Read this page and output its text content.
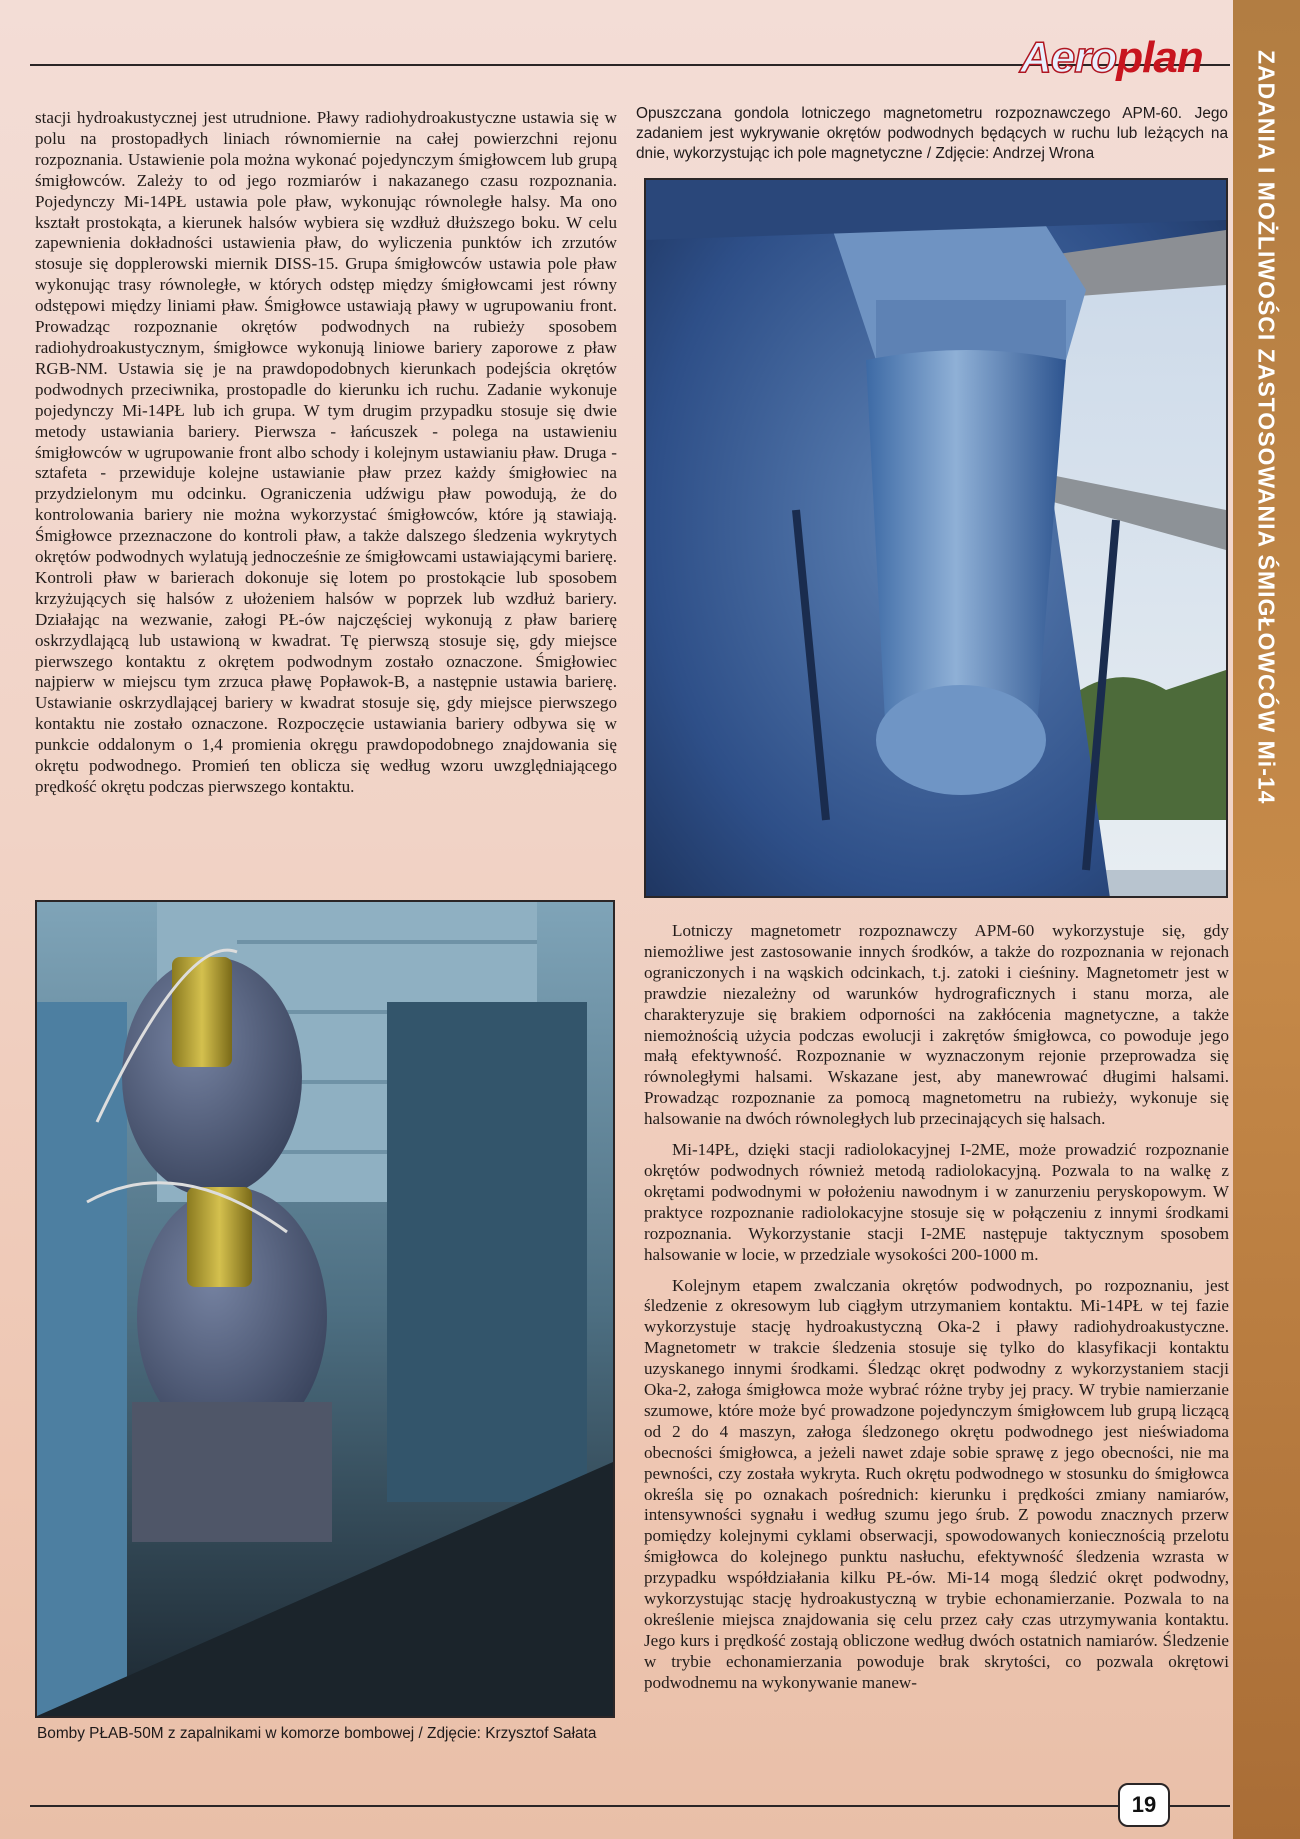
Aeroplan ZADANIA I MOŻLIWOŚCI ZASTOSOWANIA ŚMIGŁOWCÓW Mi-14

stacji hydroakustycznej jest utrudnione. Pławy radiohydroakustyczne ustawia się w polu na prostopadłych liniach równomiernie na całej powierzchni rejonu rozpoznania. Ustawienie pola można wykonać pojedynczym śmigłowcem lub grupą śmigłowców. Zależy to od jego rozmiarów i nakazanego czasu rozpoznania. Pojedynczy Mi-14PŁ ustawia pole pław, wykonując równoległe halsy. Ma ono kształt prostokąta, a kierunek halsów wybiera się wzdłuż dłuższego boku. W celu zapewnienia dokładności ustawienia pław, do wyliczenia punktów ich zrzutów stosuje się dopplerowski miernik DISS-15. Grupa śmigłowców ustawia pole pław wykonując trasy równoległe, w których odstęp między śmigłowcami jest równy odstępowi między liniami pław. Śmigłowce ustawiają pławy w ugrupowaniu front. Prowadząc rozpoznanie okrętów podwodnych na rubieży sposobem radiohydroakustycznym, śmigłowce wykonują liniowe bariery zaporowe z pław RGB-NM. Ustawia się je na prawdopodobnych kierunkach podejścia okrętów podwodnych przeciwnika, prostopadle do kierunku ich ruchu. Zadanie wykonuje pojedynczy Mi-14PŁ lub ich grupa. W tym drugim przypadku stosuje się dwie metody ustawiania bariery. Pierwsza - łańcuszek - polega na ustawieniu śmigłowców w ugrupowanie front albo schody i kolejnym ustawianiu pław. Druga - sztafeta - przewiduje kolejne ustawianie pław przez każdy śmigłowiec na przydzielonym mu odcinku. Ograniczenia udźwigu pław powodują, że do kontrolowania bariery nie można wykorzystać śmigłowców, które ją stawiają. Śmigłowce przeznaczone do kontroli pław, a także dalszego śledzenia wykrytych okrętów podwodnych wylatują jednocześnie ze śmigłowcami ustawiającymi barierę. Kontroli pław w barierach dokonuje się lotem po prostokącie lub sposobem krzyżujących się halsów z ułożeniem halsów w poprzek lub wzdłuż bariery. Działając na wezwanie, załogi PŁ-ów najczęściej wykonują z pław barierę oskrzydlającą lub ustawioną w kwadrat. Tę pierwszą stosuje się, gdy miejsce pierwszego kontaktu z okrętem podwodnym zostało oznaczone. Śmigłowiec najpierw w miejscu tym zrzuca pławę Popławok-B, a następnie ustawia barierę. Ustawianie oskrzydlającej bariery w kwadrat stosuje się, gdy miejsce pierwszego kontaktu nie zostało oznaczone. Rozpoczęcie ustawiania bariery odbywa się w punkcie oddalonym o 1,4 promienia okręgu prawdopodobnego znajdowania się okrętu podwodnego. Promień ten oblicza się według wzoru uwzględniającego prędkość okrętu podczas pierwszego kontaktu.

Opuszczana gondola lotniczego magnetometru rozpoznawczego APM-60. Jego zadaniem jest wykrywanie okrętów podwodnych będących w ruchu lub leżących na dnie, wykorzystując ich pole magnetyczne / Zdjęcie: Andrzej Wrona

Lotniczy magnetometr rozpoznawczy APM-60 wykorzystuje się, gdy niemożliwe jest zastosowanie innych środków, a także do rozpoznania w rejonach ograniczonych i na wąskich odcinkach, t.j. zatoki i cieśniny. Magnetometr jest w prawdzie niezależny od warunków hydrograficznych i stanu morza, ale charakteryzuje się brakiem odporności na zakłócenia magnetyczne, a także niemożnością użycia podczas ewolucji i zakrętów śmigłowca, co powoduje jego małą efektywność. Rozpoznanie w wyznaczonym rejonie przeprowadza się równoległymi halsami. Wskazane jest, aby manewrować długimi halsami. Prowadząc rozpoznanie za pomocą magnetometru na rubieży, wykonuje się halsowanie na dwóch równoległych lub przecinających się halsach.

Mi-14PŁ, dzięki stacji radiolokacyjnej I-2ME, może prowadzić rozpoznanie okrętów podwodnych również metodą radiolokacyjną. Pozwala to na walkę z okrętami podwodnymi w położeniu nawodnym i w zanurzeniu peryskopowym. W praktyce rozpoznanie radiolokacyjne stosuje się w połączeniu z innymi środkami rozpoznania. Wykorzystanie stacji I-2ME następuje taktycznym sposobem halsowanie w locie, w przedziale wysokości 200-1000 m.

Kolejnym etapem zwalczania okrętów podwodnych, po rozpoznaniu, jest śledzenie z okresowym lub ciągłym utrzymaniem kontaktu. Mi-14PŁ w tej fazie wykorzystuje stację hydroakustyczną Oka-2 i pławy radiohydroakustyczne. Magnetometr w trakcie śledzenia stosuje się tylko do klasyfikacji kontaktu uzyskanego innymi środkami. Śledząc okręt podwodny z wykorzystaniem stacji Oka-2, załoga śmigłowca może wybrać różne tryby jej pracy. W trybie namierzanie szumowe, które może być prowadzone pojedynczym śmigłowcem lub grupą liczącą od 2 do 4 maszyn, załoga śledzonego okrętu podwodnego jest nieświadoma obecności śmigłowca, a jeżeli nawet zdaje sobie sprawę z jego obecności, nie ma pewności, czy została wykryta. Ruch okrętu podwodnego w stosunku do śmigłowca określa się po oznakach pośrednich: kierunku i prędkości zmiany namiarów, intensywności sygnału i według szumu jego śrub. Z powodu znacznych przerw pomiędzy kolejnymi cyklami obserwacji, spowodowanych koniecznością przelotu śmigłowca do kolejnego punktu nasłuchu, efektywność śledzenia wzrasta w przypadku współdziałania kilku PŁ-ów. Mi-14 mogą śledzić okręt podwodny, wykorzystując stację hydroakustyczną w trybie echonamierzanie. Pozwala to na określenie miejsca znajdowania się celu przez cały czas utrzymywania kontaktu. Jego kurs i prędkość zostają obliczone według dwóch ostatnich namiarów. Śledzenie w trybie echonamierzania powoduje brak skrytości, co pozwala okrętowi podwodnemu na wykonywanie manew-

Bomby PŁAB-50M z zapalnikami w komorze bombowej / Zdjęcie: Krzysztof Sałata
19
